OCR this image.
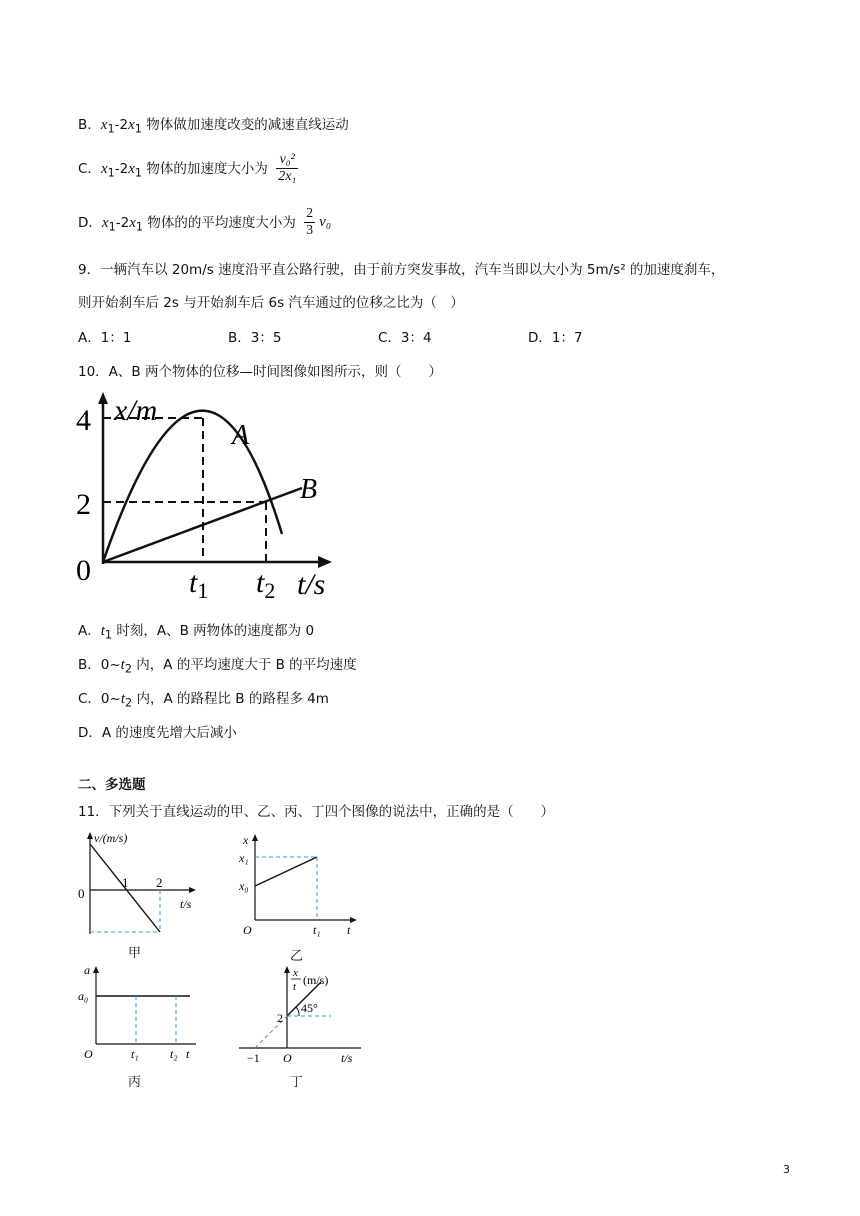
B．$x_1-2x_1$ 物体做加速度改变的减速直线运动
C．$x_1-2x_1$ 物体的加速度大小为 $\frac{\text{v₀²}}{\text{2x₁}}$
D．$x_1-2x_1$ 物体的的平均速度大小为 $\frac{2}{3} v_0$
9．一辆汽车以 20m/s 速度沿平直公路行驶，由于前方突发事故，汽车当即以大小为 5m/s² 的加速度刹车，
则开始刹车后 2s 与开始刹车后 6s 汽车通过的位移之比为（　）
A．1：1	B．3：5	C．3：4	D．1：7
10．A、B 两个物体的位移—时间图像如图所示，则（　　）
x/m
A
B
4
2
0	$t_1$ $t_2$ t/s
A．$t_1$ 时刻，A、B 两物体的速度都为 0
B．$0\sim t_2$ 内，A 的平均速度大于 B 的平均速度
C．$0\sim t_2$ 内，A 的路程比 B 的路程多 4m
D．A 的速度先增大后减小
二、多选题
11．下列关于直线运动的甲、乙、丙、丁四个图像的说法中，正确的是（　　）
v/(m/s)
0
1 2
t/s
甲
x
x₁
x₀
O	t₁ t
乙
a
a₀
O	t₁	t₂ t
丙
x
t (m/s)
2
45°
−1 O	t/s
丁
3
